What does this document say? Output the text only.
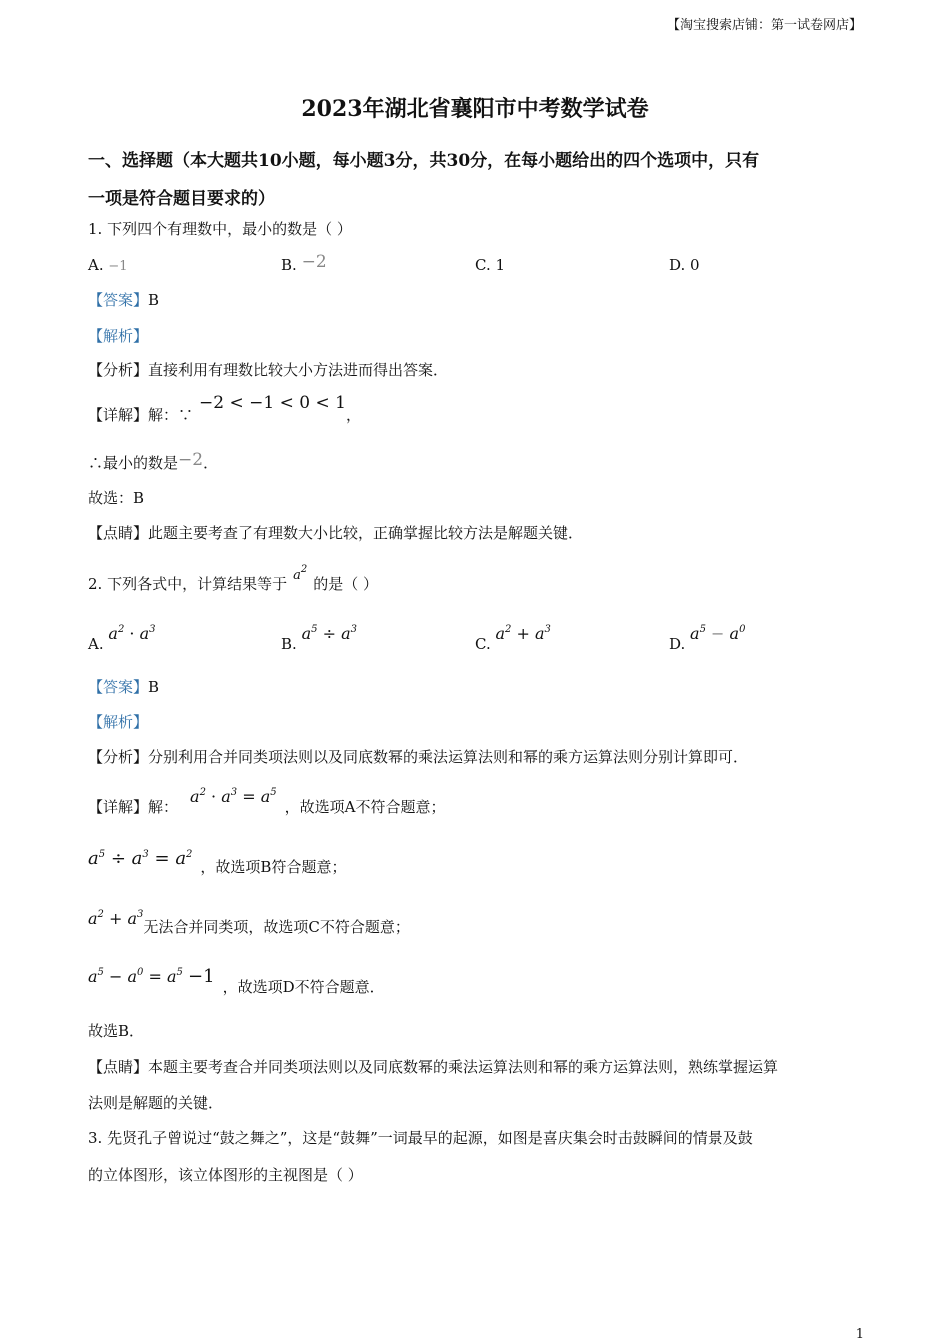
【淘宝搜索店铺：第一试卷网店】
2023年湖北省襄阳市中考数学试卷
一、选择题（本大题共10小题，每小题3分，共30分，在每小题给出的四个选项中，只有
一项是符合题目要求的）
1. 下列四个有理数中，最小的数是（ ）
A. −1	B. −2	C. 1	D. 0
【答案】B
【解析】
【分析】直接利用有理数比较大小方法进而得出答案．
【详解】解：∵−2 < −1 < 0 < 1，
∴最小的数是−2．
故选：B
【点睛】此题主要考查了有理数大小比较，正确掌握比较方法是解题关键．
2. 下列各式中，计算结果等于 $a^2$的是（ ）
A. $a^2 \cdot a^3$
B. $a^5 \div a^3$
C. $a^2 + a^3$
D. $a^5 - a^0$
【答案】B
【解析】
【分析】分别利用合并同类项法则以及同底数幂的乘法运算法则和幂的乘方运算法则分别计算即可．
【详解】解：$a^2 \cdot a^3 = a^5$，故选项A不符合题意；
$a^5 \div a^3 = a^2$，故选项B符合题意；
$a^2 + a^3$无法合并同类项，故选项C不符合题意；
$a^5 - a^0 = a^5 -1$ ，故选项D不符合题意．
故选B．
【点睛】本题主要考查合并同类项法则以及同底数幂的乘法运算法则和幂的乘方运算法则，熟练掌握运算
法则是解题的关键．
3. 先贤孔子曾说过“鼓之舞之”，这是“鼓舞”一词最早的起源，如图是喜庆集会时击鼓瞬间的情景及鼓
的立体图形，该立体图形的主视图是（ ）
1
